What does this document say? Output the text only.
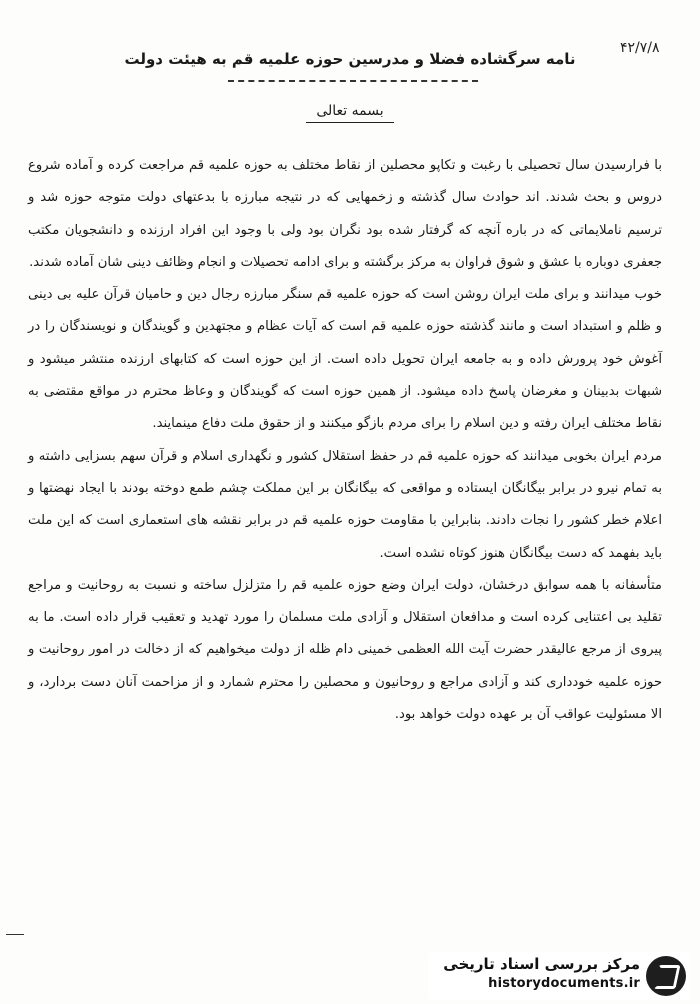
۴۲/۷/۸
نامه سرگشاده فضلا و مدرسین حوزه علمیه قم به هیئت دولت
بسمه تعالی

با فرارسیدن سال تحصیلی با رغبت و تکاپو محصلین از نقاط مختلف به حوزه علمیه قم مراجعت کرده و آماده شروع دروس و بحث شدند. اند حوادث سال گذشته و زخمهایی که در نتیجه مبارزه با بدعتهای دولت متوجه حوزه شد و ترسیم ناملایماتی که در باره آنچه که گرفتار شده بود نگران بود ولی با وجود این افراد ارزنده و دانشجویان مکتب جعفری دوباره با عشق و شوق فراوان به مرکز برگشته و برای ادامه تحصیلات و انجام وظائف دینی شان آماده شدند.

خوب میدانند و برای ملت ایران روشن است که حوزه علمیه قم سنگر مبارزه رجال دین و حامیان قرآن علیه بی دینی و ظلم و استبداد است و مانند گذشته حوزه علمیه قم است که آیات عظام و مجتهدین و گویندگان و نویسندگان را در آغوش خود پرورش داده و به جامعه ایران تحویل داده است. از این حوزه است که کتابهای ارزنده منتشر میشود و شبهات بدبینان و مغرضان پاسخ داده میشود. از همین حوزه است که گویندگان و وعاظ محترم در مواقع مقتضی به نقاط مختلف ایران رفته و دین اسلام را برای مردم بازگو میکنند و از حقوق ملت دفاع مینمایند.

مردم ایران بخوبی میدانند که حوزه علمیه قم در حفظ استقلال کشور و نگهداری اسلام و قرآن سهم بسزایی داشته و به تمام نیرو در برابر بیگانگان ایستاده و مواقعی که بیگانگان بر این مملکت چشم طمع دوخته بودند با ایجاد نهضتها و اعلام خطر کشور را نجات دادند. بنابراین با مقاومت حوزه علمیه قم در برابر نقشه های استعماری است که این ملت باید بفهمد که دست بیگانگان هنوز کوتاه نشده است.

متأسفانه با همه سوابق درخشان، دولت ایران وضع حوزه علمیه قم را متزلزل ساخته و نسبت به روحانیت و مراجع تقلید بی اعتنایی کرده است و مدافعان استقلال و آزادی ملت مسلمان را مورد تهدید و تعقیب قرار داده است. ما به پیروی از مرجع عالیقدر حضرت آیت الله العظمی خمینی دام ظله از دولت میخواهیم که از دخالت در امور روحانیت و حوزه علمیه خودداری کند و آزادی مراجع و روحانیون و محصلین را محترم شمارد و از مزاحمت آنان دست بردارد، و الا مسئولیت عواقب آن بر عهده دولت خواهد بود.

مرکز بررسی اسناد تاریخی
historydocuments.ir
